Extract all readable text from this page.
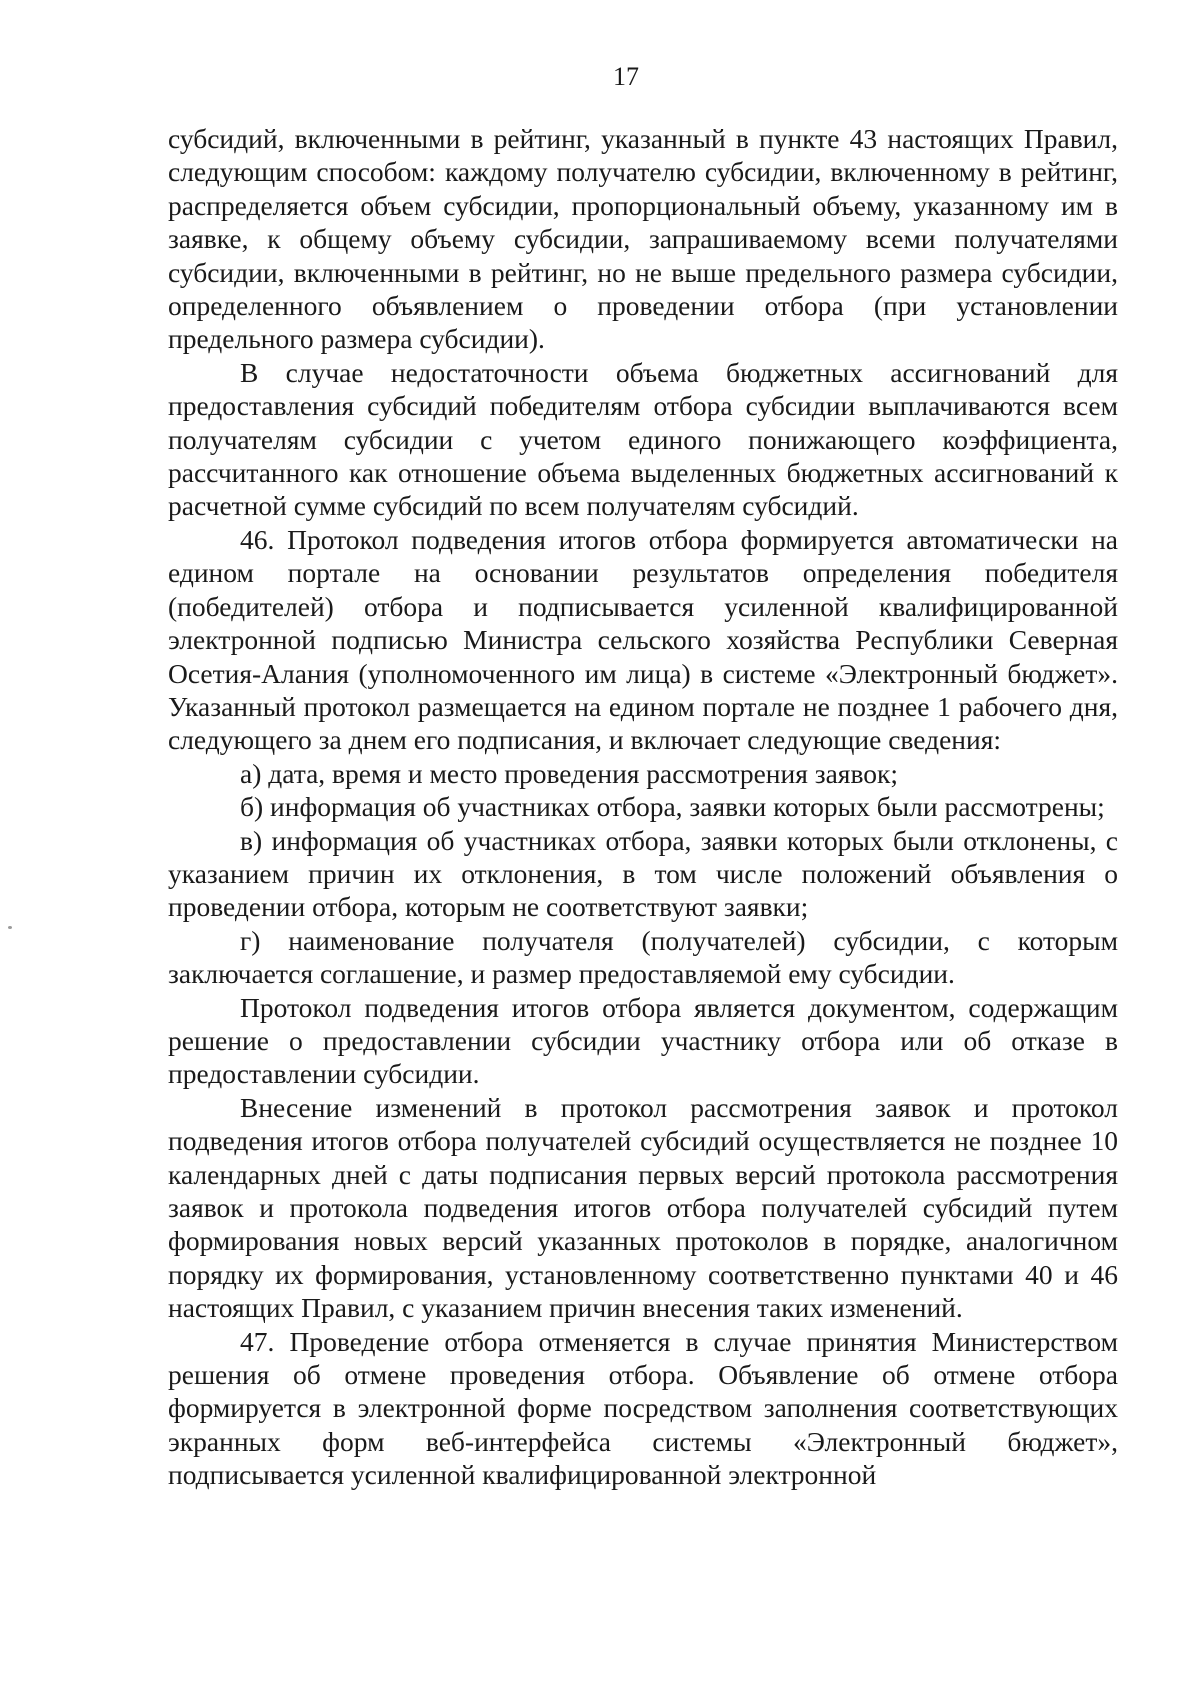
17

субсидий, включенными в рейтинг, указанный в пункте 43 настоящих Правил, следующим способом: каждому получателю субсидии, включенному в рейтинг, распределяется объем субсидии, пропорциональный объему, указанному им в заявке, к общему объему субсидии, запрашиваемому всеми получателями субсидии, включенными в рейтинг, но не выше предельного размера субсидии, определенного объявлением о проведении отбора (при установлении предельного размера субсидии).

В случае недостаточности объема бюджетных ассигнований для предоставления субсидий победителям отбора субсидии выплачиваются всем получателям субсидии с учетом единого понижающего коэффициента, рассчитанного как отношение объема выделенных бюджетных ассигнований к расчетной сумме субсидий по всем получателям субсидий.

46. Протокол подведения итогов отбора формируется автоматически на едином портале на основании результатов определения победителя (победителей) отбора и подписывается усиленной квалифицированной электронной подписью Министра сельского хозяйства Республики Северная Осетия-Алания (уполномоченного им лица) в системе «Электронный бюджет». Указанный протокол размещается на едином портале не позднее 1 рабочего дня, следующего за днем его подписания, и включает следующие сведения:

а) дата, время и место проведения рассмотрения заявок;

б) информация об участниках отбора, заявки которых были рассмотрены;

в) информация об участниках отбора, заявки которых были отклонены, с указанием причин их отклонения, в том числе положений объявления о проведении отбора, которым не соответствуют заявки;

г) наименование получателя (получателей) субсидии, с которым заключается соглашение, и размер предоставляемой ему субсидии.

Протокол подведения итогов отбора является документом, содержащим решение о предоставлении субсидии участнику отбора или об отказе в предоставлении субсидии.

Внесение изменений в протокол рассмотрения заявок и протокол подведения итогов отбора получателей субсидий осуществляется не позднее 10 календарных дней с даты подписания первых версий протокола рассмотрения заявок и протокола подведения итогов отбора получателей субсидий путем формирования новых версий указанных протоколов в порядке, аналогичном порядку их формирования, установленному соответственно пунктами 40 и 46 настоящих Правил, с указанием причин внесения таких изменений.

47. Проведение отбора отменяется в случае принятия Министерством решения об отмене проведения отбора. Объявление об отмене отбора формируется в электронной форме посредством заполнения соответствующих экранных форм веб-интерфейса системы «Электронный бюджет», подписывается усиленной квалифицированной электронной
